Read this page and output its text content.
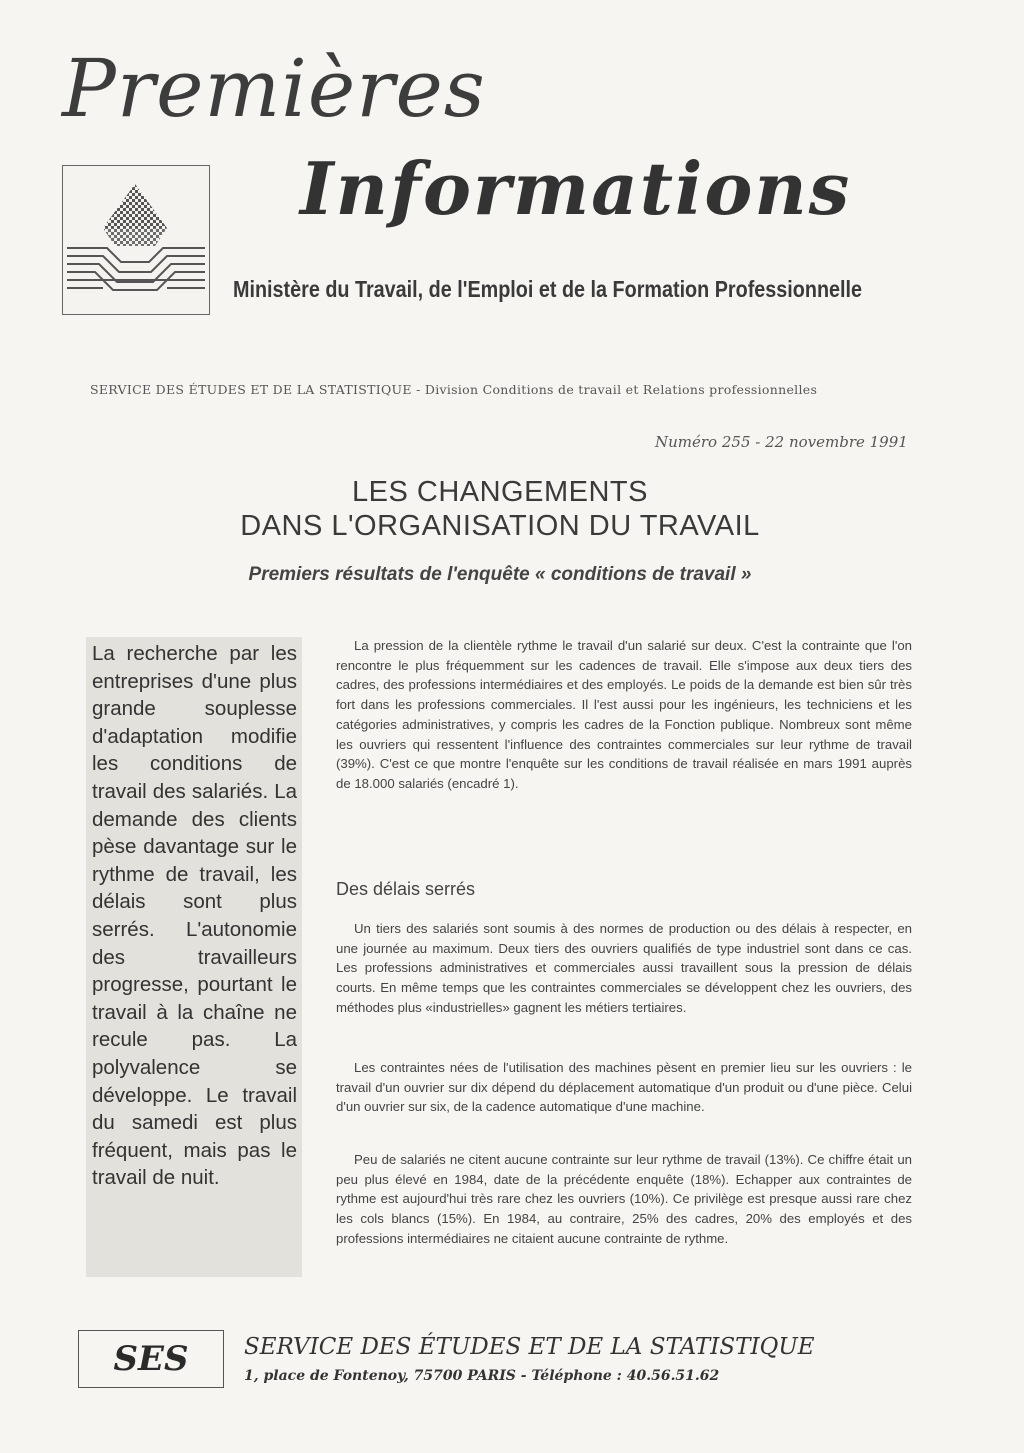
Premières
Informations
Ministère du Travail, de l'Emploi et de la Formation Professionnelle
SERVICE DES ÉTUDES ET DE LA STATISTIQUE - Division Conditions de travail et Relations professionnelles
Numéro 255 - 22 novembre 1991
LES CHANGEMENTS
DANS L'ORGANISATION DU TRAVAIL
Premiers résultats de l'enquête « conditions de travail »
La recherche par les entreprises d'une plus grande souplesse d'adaptation modifie les conditions de travail des salariés. La demande des clients pèse davantage sur le rythme de travail, les délais sont plus serrés. L'autonomie des travailleurs progresse, pourtant le travail à la chaîne ne recule pas. La polyvalence se développe. Le travail du samedi est plus fréquent, mais pas le travail de nuit.

La pression de la clientèle rythme le travail d'un salarié sur deux. C'est la contrainte que l'on rencontre le plus fréquemment sur les cadences de travail. Elle s'impose aux deux tiers des cadres, des professions intermédiaires et des employés. Le poids de la demande est bien sûr très fort dans les professions commerciales. Il l'est aussi pour les ingénieurs, les techniciens et les catégories administratives, y compris les cadres de la Fonction publique. Nombreux sont même les ouvriers qui ressentent l'influence des contraintes commerciales sur leur rythme de travail (39%). C'est ce que montre l'enquête sur les conditions de travail réalisée en mars 1991 auprès de 18.000 salariés (encadré 1).

Des délais serrés

Un tiers des salariés sont soumis à des normes de production ou des délais à respecter, en une journée au maximum. Deux tiers des ouvriers qualifiés de type industriel sont dans ce cas. Les professions administratives et commerciales aussi travaillent sous la pression de délais courts. En même temps que les contraintes commerciales se développent chez les ouvriers, des méthodes plus «industrielles» gagnent les métiers tertiaires.

Les contraintes nées de l'utilisation des machines pèsent en premier lieu sur les ouvriers : le travail d'un ouvrier sur dix dépend du déplacement automatique d'un produit ou d'une pièce. Celui d'un ouvrier sur six, de la cadence automatique d'une machine.

Peu de salariés ne citent aucune contrainte sur leur rythme de travail (13%). Ce chiffre était un peu plus élevé en 1984, date de la précédente enquête (18%). Echapper aux contraintes de rythme est aujourd'hui très rare chez les ouvriers (10%). Ce privilège est presque aussi rare chez les cols blancs (15%). En 1984, au contraire, 25% des cadres, 20% des employés et des professions intermédiaires ne citaient aucune contrainte de rythme.

SES	SERVICE DES ÉTUDES ET DE LA STATISTIQUE
1, place de Fontenoy, 75700 PARIS - Téléphone : 40.56.51.62
